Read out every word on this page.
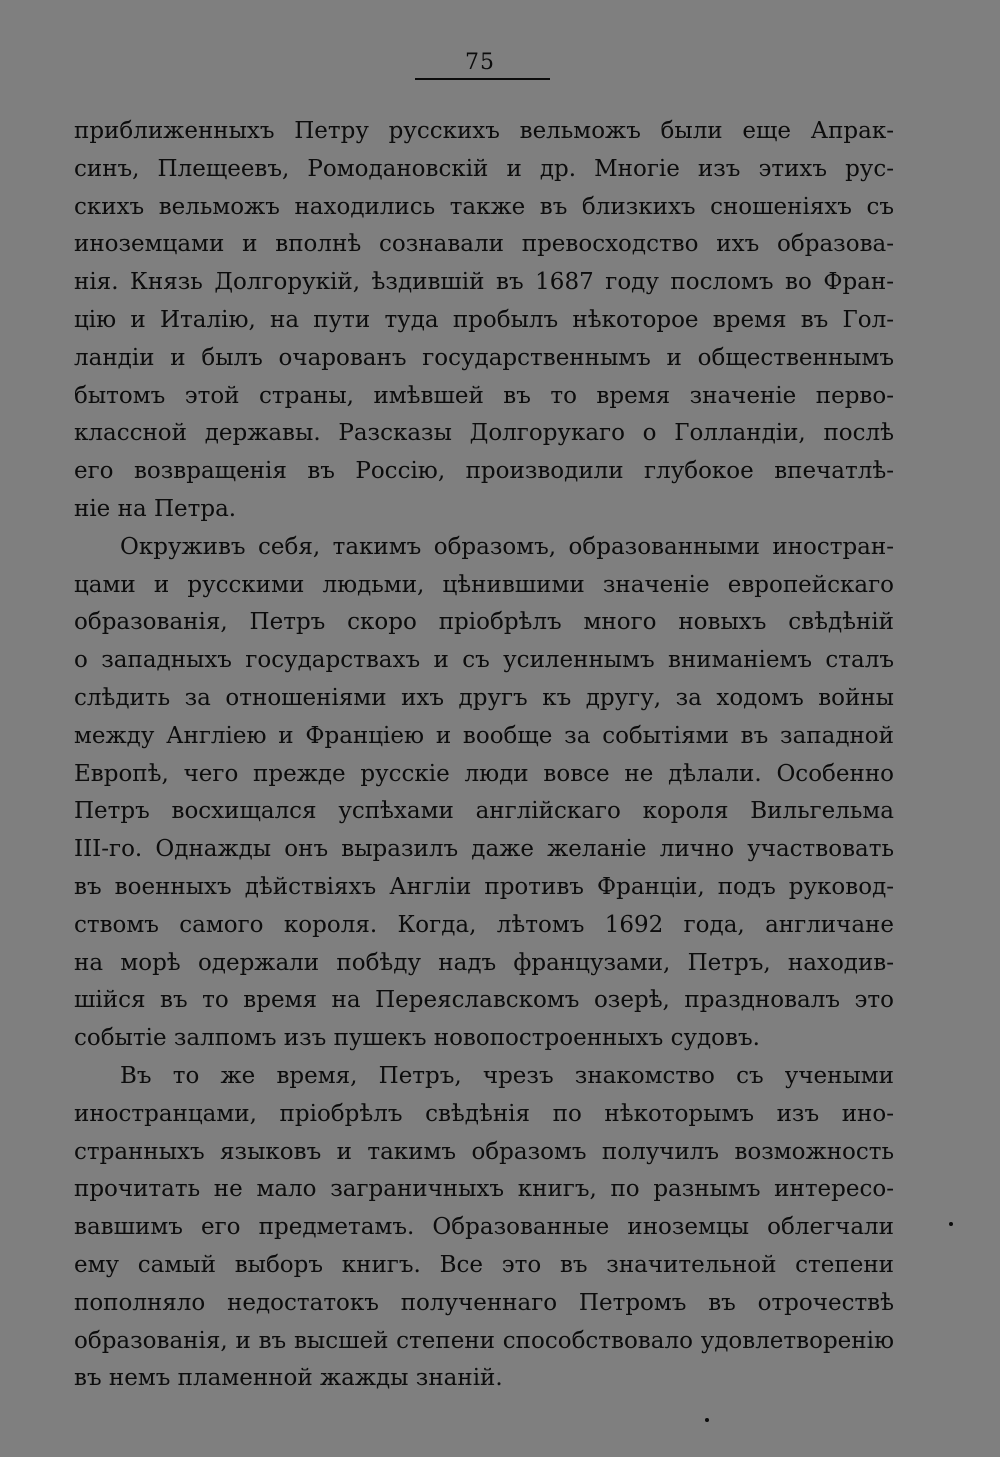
75
приближенныхъ Петру русскихъ вельможъ были еще Апрак-
синъ, Плещеевъ, Ромодановскій и др. Многіе изъ этихъ рус-
скихъ вельможъ находились также въ близкихъ сношеніяхъ съ
иноземцами и вполнѣ сознавали превосходство ихъ образова-
нія. Князь Долгорукій, ѣздившій въ 1687 году посломъ во Фран-
цію и Италію, на пути туда пробылъ нѣкоторое время въ Гол-
ландіи и былъ очарованъ государственнымъ и общественнымъ
бытомъ этой страны, имѣвшей въ то время значеніе перво-
классной державы. Разсказы Долгорукаго о Голландіи, послѣ
его возвращенія въ Россію, производили глубокое впечатлѣ-
ніе на Петра.
Окруживъ себя, такимъ образомъ, образованными иностран-
цами и русскими людьми, цѣнившими значеніе европейскаго
образованія, Петръ скоро пріобрѣлъ много новыхъ свѣдѣній
о западныхъ государствахъ и съ усиленнымъ вниманіемъ сталъ
слѣдить за отношеніями ихъ другъ къ другу, за ходомъ войны
между Англіею и Франціею и вообще за событіями въ западной
Европѣ, чего прежде русскіе люди вовсе не дѣлали. Особенно
Петръ восхищался успѣхами англійскаго короля Вильгельма
III-го. Однажды онъ выразилъ даже желаніе лично участвовать
въ военныхъ дѣйствіяхъ Англіи противъ Франціи, подъ руковод-
ствомъ самого короля. Когда, лѣтомъ 1692 года, англичане
на морѣ одержали побѣду надъ французами, Петръ, находив-
шійся въ то время на Переяславскомъ озерѣ, праздновалъ это
событіе залпомъ изъ пушекъ новопостроенныхъ судовъ.
Въ то же время, Петръ, чрезъ знакомство съ учеными
иностранцами, пріобрѣлъ свѣдѣнія по нѣкоторымъ изъ ино-
странныхъ языковъ и такимъ образомъ получилъ возможность
прочитать не мало заграничныхъ книгъ, по разнымъ интересо-
вавшимъ его предметамъ. Образованные иноземцы облегчали
ему самый выборъ книгъ. Все это въ значительной степени
пополняло недостатокъ полученнаго Петромъ въ отрочествѣ
образованія, и въ высшей степени способствовало удовлетворенію
въ немъ пламенной жажды знаній.
